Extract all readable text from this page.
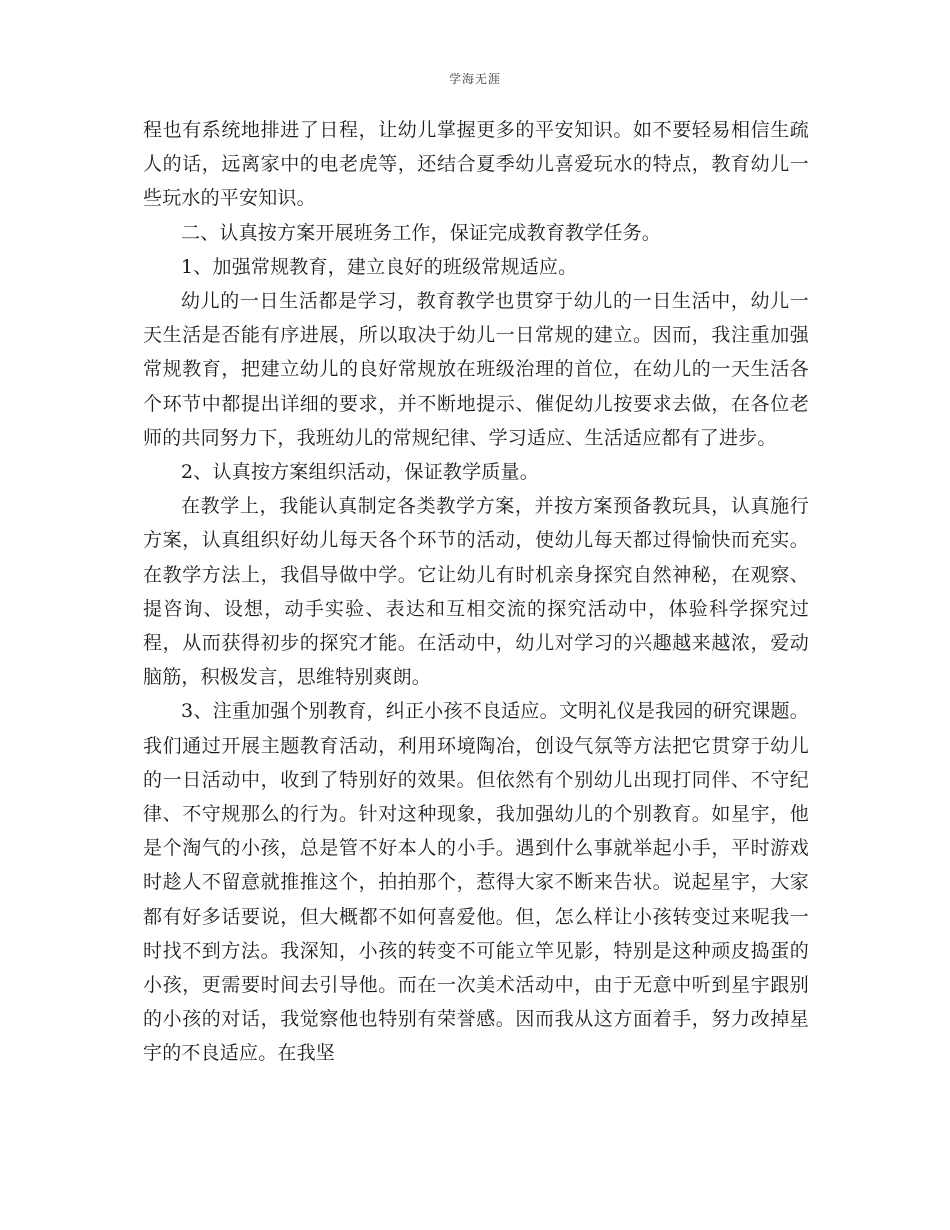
学海无涯

程也有系统地排进了日程，让幼儿掌握更多的平安知识。如不要轻易相信生疏人的话，远离家中的电老虎等，还结合夏季幼儿喜爱玩水的特点，教育幼儿一些玩水的平安知识。

二、认真按方案开展班务工作，保证完成教育教学任务。

1、加强常规教育，建立良好的班级常规适应。

幼儿的一日生活都是学习，教育教学也贯穿于幼儿的一日生活中，幼儿一天生活是否能有序进展，所以取决于幼儿一日常规的建立。因而，我注重加强常规教育，把建立幼儿的良好常规放在班级治理的首位，在幼儿的一天生活各个环节中都提出详细的要求，并不断地提示、催促幼儿按要求去做，在各位老师的共同努力下，我班幼儿的常规纪律、学习适应、生活适应都有了进步。

2、认真按方案组织活动，保证教学质量。

在教学上，我能认真制定各类教学方案，并按方案预备教玩具，认真施行方案，认真组织好幼儿每天各个环节的活动，使幼儿每天都过得愉快而充实。在教学方法上，我倡导做中学。它让幼儿有时机亲身探究自然神秘，在观察、提咨询、设想，动手实验、表达和互相交流的探究活动中，体验科学探究过程，从而获得初步的探究才能。在活动中，幼儿对学习的兴趣越来越浓，爱动脑筋，积极发言，思维特别爽朗。

3、注重加强个别教育，纠正小孩不良适应。文明礼仪是我园的研究课题。我们通过开展主题教育活动，利用环境陶冶，创设气氛等方法把它贯穿于幼儿的一日活动中，收到了特别好的效果。但依然有个别幼儿出现打同伴、不守纪律、不守规那么的行为。针对这种现象，我加强幼儿的个别教育。如星宇，他是个淘气的小孩，总是管不好本人的小手。遇到什么事就举起小手，平时游戏时趁人不留意就推推这个，拍拍那个，惹得大家不断来告状。说起星宇，大家都有好多话要说，但大概都不如何喜爱他。但，怎么样让小孩转变过来呢我一时找不到方法。我深知，小孩的转变不可能立竿见影，特别是这种顽皮捣蛋的小孩，更需要时间去引导他。而在一次美术活动中，由于无意中听到星宇跟别的小孩的对话，我觉察他也特别有荣誉感。因而我从这方面着手，努力改掉星宇的不良适应。在我坚
